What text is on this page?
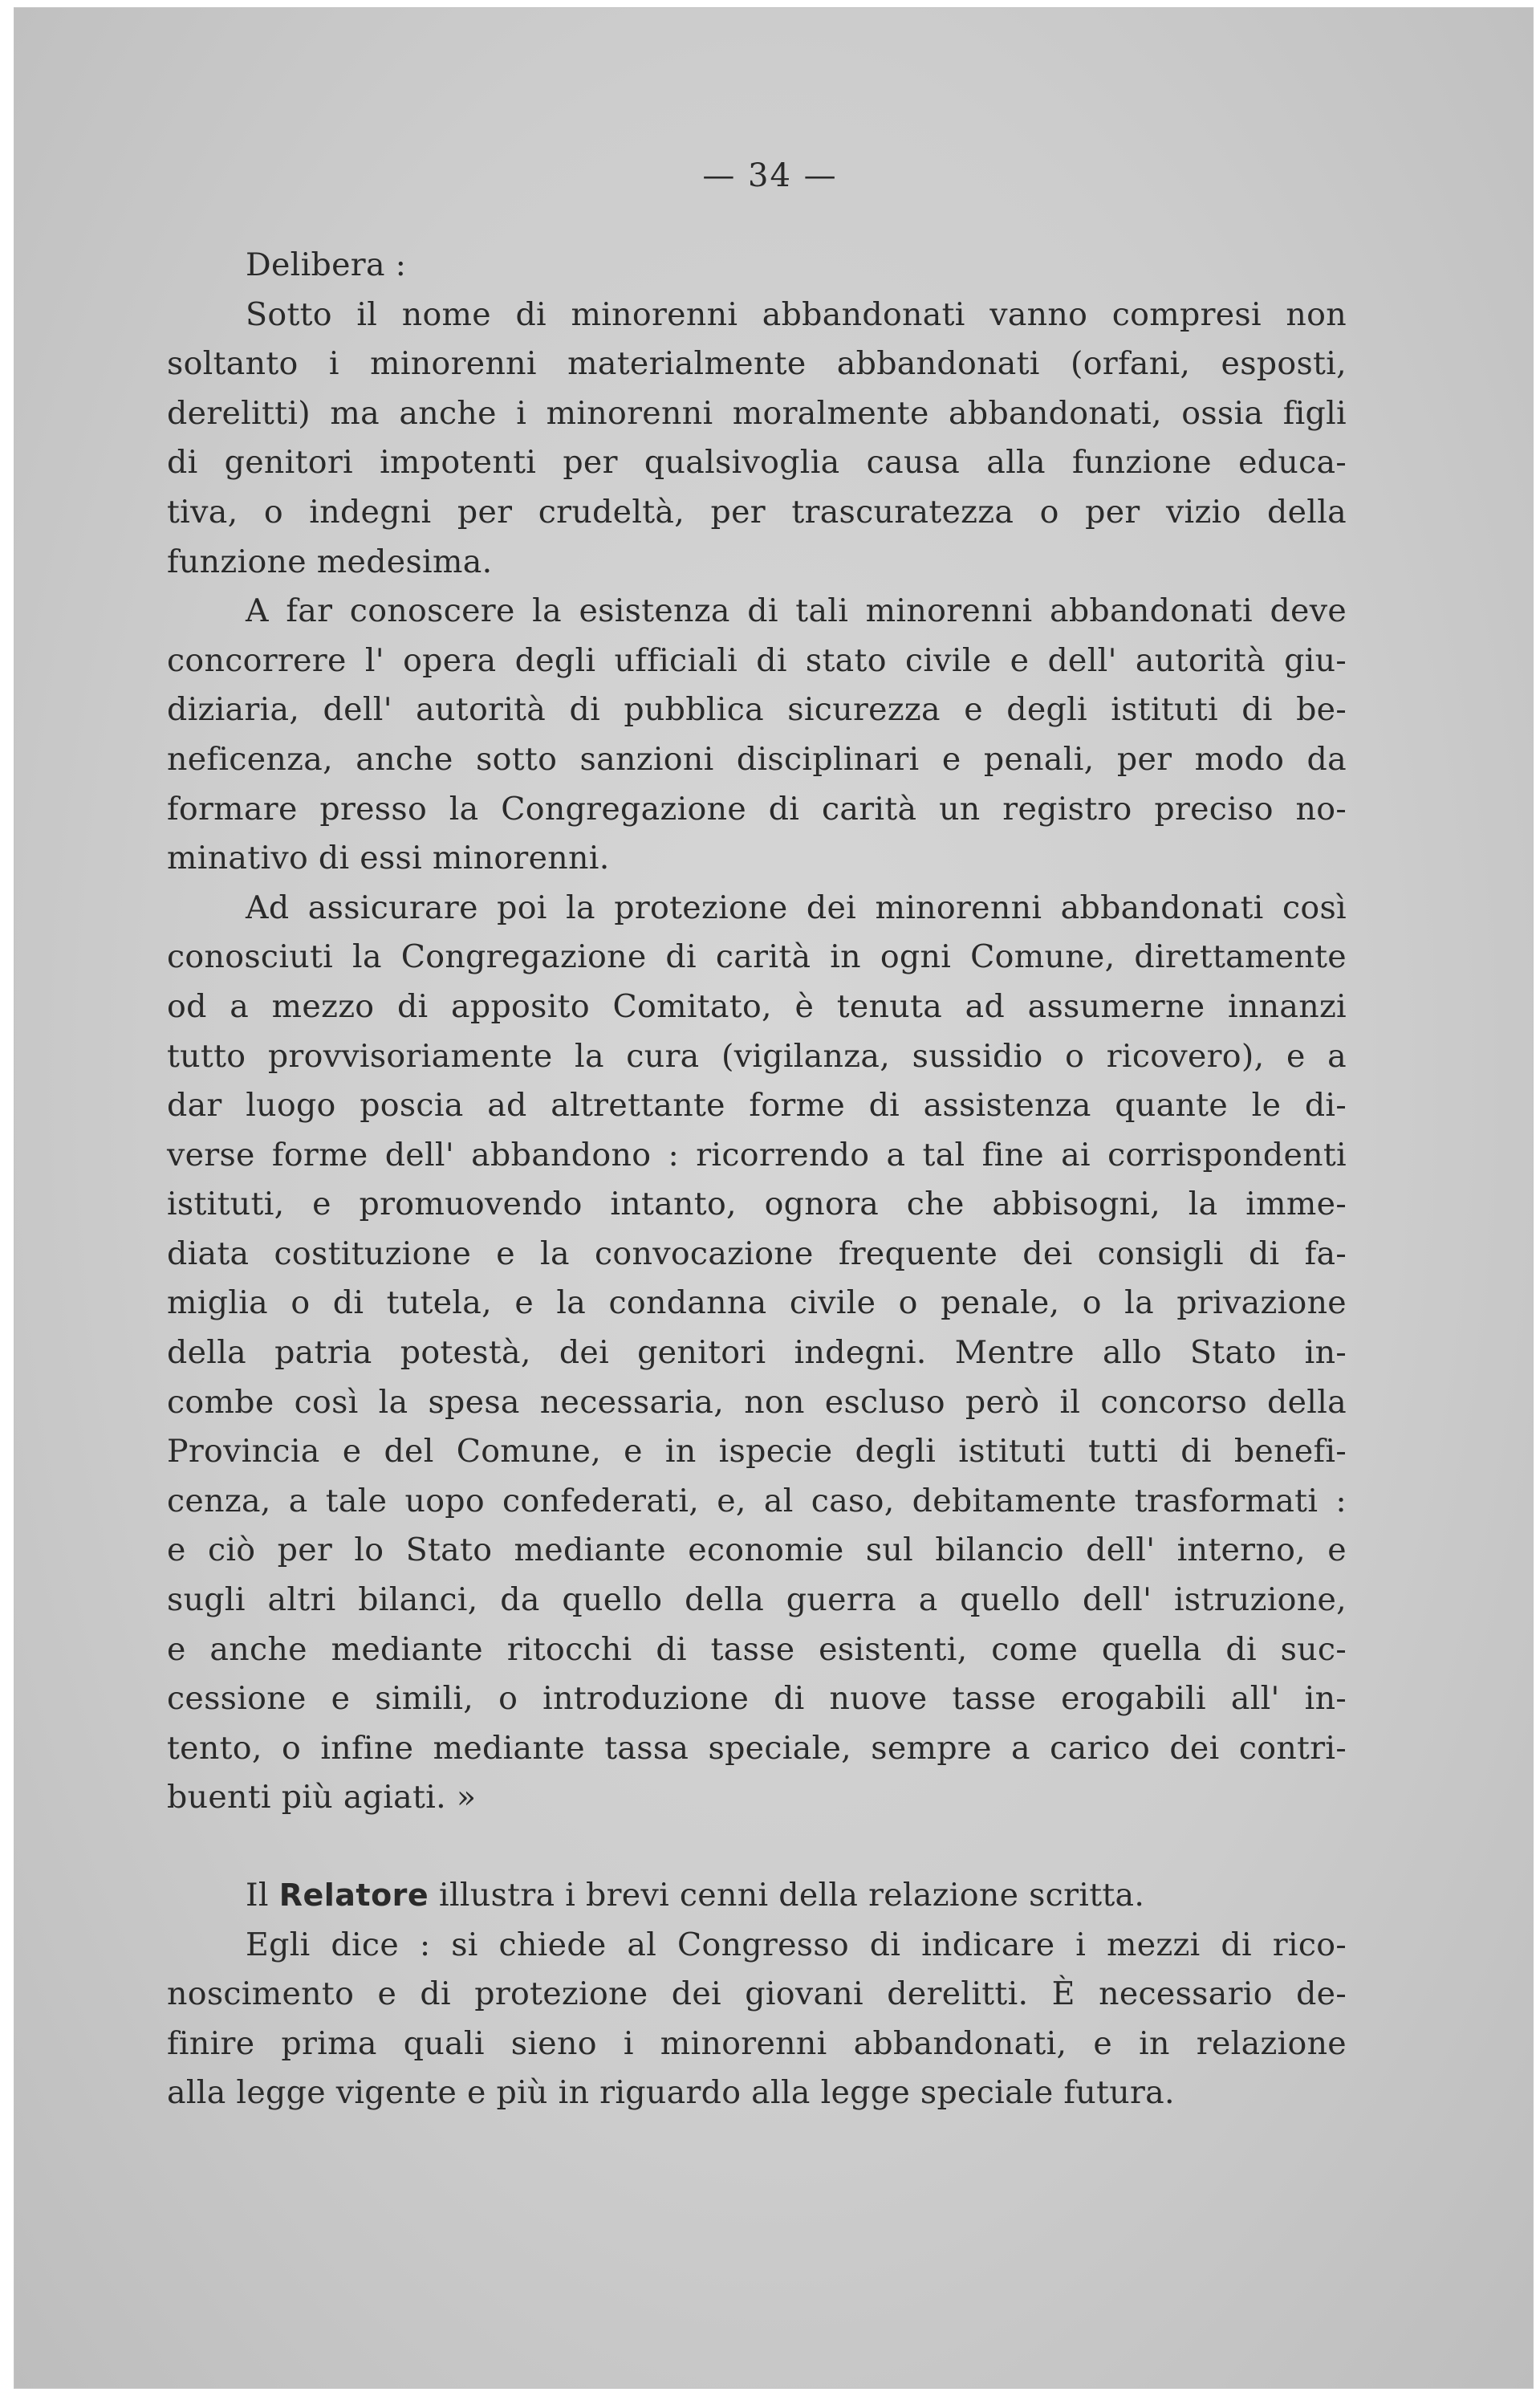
— 34 —
Delibera :
Sotto il nome di minorenni abbandonati vanno compresi non
soltanto i minorenni materialmente abbandonati (orfani, esposti,
derelitti) ma anche i minorenni moralmente abbandonati, ossia figli
di genitori impotenti per qualsivoglia causa alla funzione educa-
tiva, o indegni per crudeltà, per trascuratezza o per vizio della
funzione medesima.
A far conoscere la esistenza di tali minorenni abbandonati deve
concorrere l' opera degli ufficiali di stato civile e dell' autorità giu-
diziaria, dell' autorità di pubblica sicurezza e degli istituti di be-
neficenza, anche sotto sanzioni disciplinari e penali, per modo da
formare presso la Congregazione di carità un registro preciso no-
minativo di essi minorenni.
Ad assicurare poi la protezione dei minorenni abbandonati così
conosciuti la Congregazione di carità in ogni Comune, direttamente
od a mezzo di apposito Comitato, è tenuta ad assumerne innanzi
tutto provvisoriamente la cura (vigilanza, sussidio o ricovero), e a
dar luogo poscia ad altrettante forme di assistenza quante le di-
verse forme dell' abbandono : ricorrendo a tal fine ai corrispondenti
istituti, e promuovendo intanto, ognora che abbisogni, la imme-
diata costituzione e la convocazione frequente dei consigli di fa-
miglia o di tutela, e la condanna civile o penale, o la privazione
della patria potestà, dei genitori indegni. Mentre allo Stato in-
combe così la spesa necessaria, non escluso però il concorso della
Provincia e del Comune, e in ispecie degli istituti tutti di benefi-
cenza, a tale uopo confederati, e, al caso, debitamente trasformati :
e ciò per lo Stato mediante economie sul bilancio dell' interno, e
sugli altri bilanci, da quello della guerra a quello dell' istruzione,
e anche mediante ritocchi di tasse esistenti, come quella di suc-
cessione e simili, o introduzione di nuove tasse erogabili all' in-
tento, o infine mediante tassa speciale, sempre a carico dei contri-
buenti più agiati. »
Il Relatore illustra i brevi cenni della relazione scritta.
Egli dice : si chiede al Congresso di indicare i mezzi di rico-
noscimento e di protezione dei giovani derelitti. È necessario de-
finire prima quali sieno i minorenni abbandonati, e in relazione
alla legge vigente e più in riguardo alla legge speciale futura.
